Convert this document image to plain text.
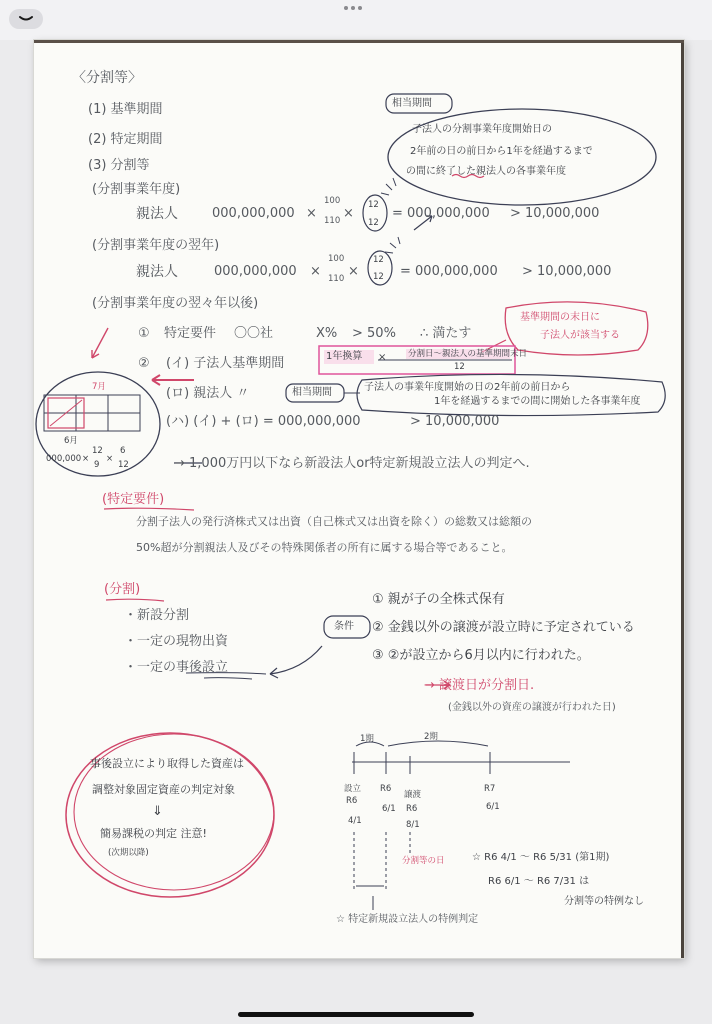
〈分割等〉
(1) 基準期間
(2) 特定期間
(3) 分割等
相当期間
子法人の分割事業年度開始日の
2年前の日の前日から1年を経過するまで
の間に終了した親法人の各事業年度
(分割事業年度)
親法人	000,000,000 ×
100
110 ×
12
12
= 000,000,000 > 10,000,000
(分割事業年度の翌年)
親法人	000,000,000 ×
100
110 ×
12
12 = 000,000,000 > 10,000,000
(分割事業年度の翌々年以後)
① 特定要件 〇〇社	X% > 50% ∴ 満たす
基準期間の末日に
子法人が該当する
② (イ) 子法人基準期間	1年換算 ×	分割日～親法人の基準期間末日
12
(ロ) 親法人 〃	相当期間	子法人の事業年度開始の日の2年前の前日から
1年を経過するまでの間に開始した各事業年度
(ハ) (イ) + (ロ) = 000,000,000	> 10,000,000
→ 1,000万円以下なら新設法人or特定新規設立法人の判定へ.
7月
6月
000,000 ×
12
9
×
6
12
(特定要件)
分割子法人の発行済株式又は出資（自己株式又は出資を除く）の総数又は総額の
50%超が分割親法人及びその特殊関係者の所有に属する場合等であること。
(分割)
・新設分割
・一定の現物出資
・一定の事後設立
条件
① 親が子の全株式保有
② 金銭以外の譲渡が設立時に予定されている
③ ②が設立から6月以内に行われた。
→ 譲渡日が分割日.
(金銭以外の資産の譲渡が行われた日)
事後設立により取得した資産は
調整対象固定資産の判定対象
⇓
簡易課税の判定 注意!
(次期以降)
1期	2期
設立
R6
4/1
R6
6/1
譲渡
R6
8/1
R7
6/1
分割等の日	☆ R6 4/1 ～ R6 5/31 (第1期)
R6 6/1 ～ R6 7/31 は
分割等の特例なし
☆ 特定新規設立法人の特例判定
